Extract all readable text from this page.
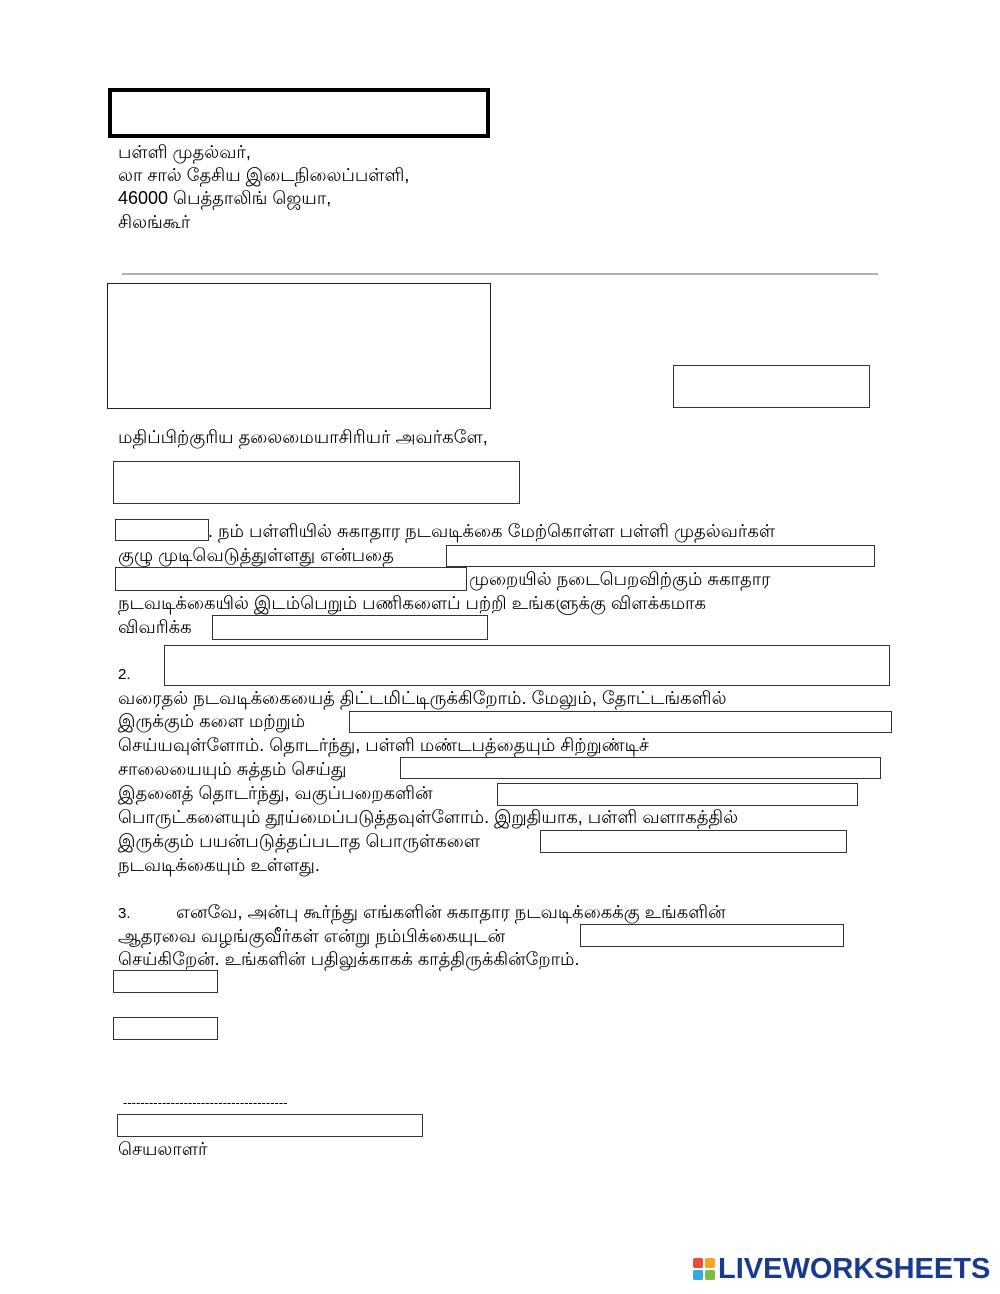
பள்ளி முதல்வர்,
லா சால் தேசிய இடைநிலைப்பள்ளி,
46000 பெத்தாலிங் ஜெயா,
சிலங்கூர்
மதிப்பிற்குரிய தலைமையாசிரியர் அவர்களே,
. நம் பள்ளியில் சுகாதார நடவடிக்கை மேற்கொள்ள பள்ளி முதல்வர்கள்
குழு முடிவெடுத்துள்ளது என்பதை
முறையில் நடைபெறவிற்கும் சுகாதார
நடவடிக்கையில் இடம்பெறும் பணிகளைப் பற்றி உங்களுக்கு விளக்கமாக
விவரிக்க
2.
வரைதல் நடவடிக்கையைத் திட்டமிட்டிருக்கிறோம். மேலும், தோட்டங்களில்
இருக்கும் களை மற்றும்
செய்யவுள்ளோம். தொடர்ந்து, பள்ளி மண்டபத்தையும் சிற்றுண்டிச்
சாலையையும் சுத்தம் செய்து
இதனைத் தொடர்ந்து, வகுப்பறைகளின்
பொருட்களையும் தூய்மைப்படுத்தவுள்ளோம். இறுதியாக, பள்ளி வளாகத்தில்
இருக்கும் பயன்படுத்தப்படாத பொருள்களை
நடவடிக்கையும் உள்ளது.
3.	எனவே, அன்பு கூர்ந்து எங்களின் சுகாதார நடவடிக்கைக்கு உங்களின்
ஆதரவை வழங்குவீர்கள் என்று நம்பிக்கையுடன்
செய்கிறேன். உங்களின் பதிலுக்காகக் காத்திருக்கின்றோம்.
--------------------------------------
செயலாளர்
LIVEWORKSHEETS
